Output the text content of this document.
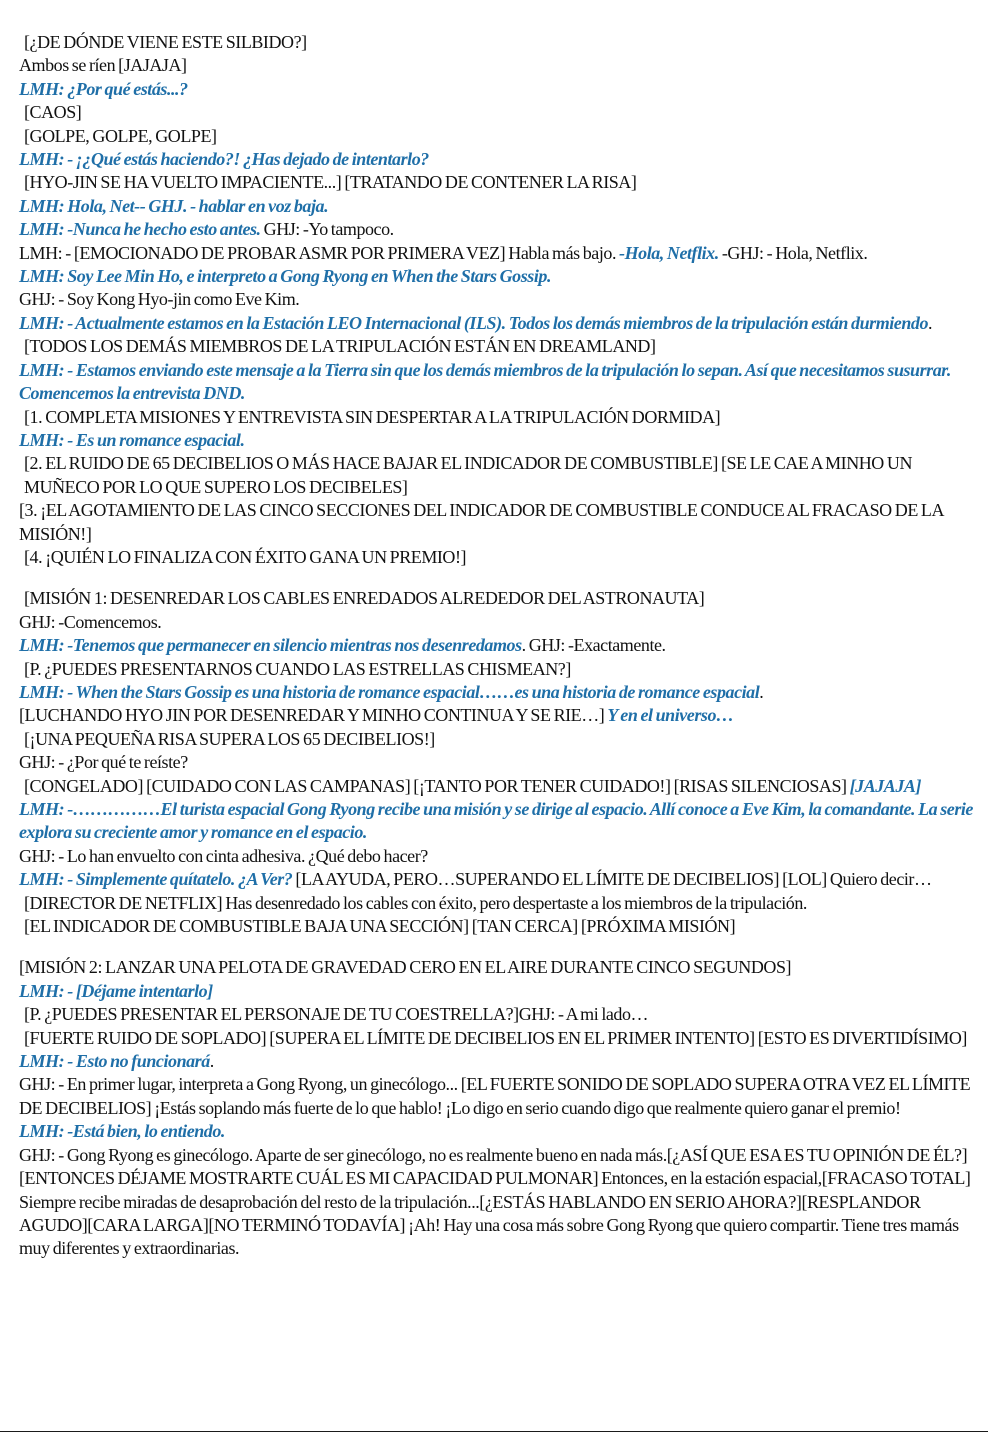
[¿DE DÓNDE VIENE ESTE SILBIDO?]

Ambos se ríen [JAJAJA]

LMH: ¿Por qué estás...?

[CAOS]

[GOLPE, GOLPE, GOLPE]

LMH: - ¡¿Qué estás haciendo?! ¿Has dejado de intentarlo?

[HYO-JIN SE HA VUELTO IMPACIENTE...] [TRATANDO DE CONTENER LA RISA]

LMH: Hola, Net-- GHJ. - hablar en voz baja.

LMH: -Nunca he hecho esto antes. GHJ: -Yo tampoco.

LMH: - [EMOCIONADO DE PROBAR ASMR POR PRIMERA VEZ] Habla más bajo. -Hola, Netflix. -GHJ: - Hola, Netflix.

LMH: Soy Lee Min Ho, e interpreto a Gong Ryong en When the Stars Gossip.

GHJ: - Soy Kong Hyo-jin como Eve Kim.

LMH: - Actualmente estamos en la Estación LEO Internacional (ILS). Todos los demás miembros de la tripulación están durmiendo.

[TODOS LOS DEMÁS MIEMBROS DE LA TRIPULACIÓN ESTÁN EN DREAMLAND]

LMH: - Estamos enviando este mensaje a la Tierra sin que los demás miembros de la tripulación lo sepan. Así que necesitamos susurrar. Comencemos la entrevista DND.

[1. COMPLETA MISIONES Y ENTREVISTA SIN DESPERTAR A LA TRIPULACIÓN DORMIDA]

LMH: - Es un romance espacial.

[2. EL RUIDO DE 65 DECIBELIOS O MÁS HACE BAJAR EL INDICADOR DE COMBUSTIBLE] [SE LE CAE A MINHO UN MUÑECO POR LO QUE SUPERO LOS DECIBELES]

[3. ¡EL AGOTAMIENTO DE LAS CINCO SECCIONES DEL INDICADOR DE COMBUSTIBLE CONDUCE AL FRACASO DE LA MISIÓN!]

[4. ¡QUIÉN LO FINALIZA CON ÉXITO GANA UN PREMIO!]

[MISIÓN 1: DESENREDAR LOS CABLES ENREDADOS ALREDEDOR DEL ASTRONAUTA]

GHJ: -Comencemos.

LMH: -Tenemos que permanecer en silencio mientras nos desenredamos. GHJ: -Exactamente.

[P. ¿PUEDES PRESENTARNOS CUANDO LAS ESTRELLAS CHISMEAN?]

LMH: - When the Stars Gossip es una historia de romance espacial……es una historia de romance espacial.

[LUCHANDO HYO JIN POR DESENREDAR Y MINHO CONTINUA Y SE RIE…] Y en el universo…

[¡UNA PEQUEÑA RISA SUPERA LOS 65 DECIBELIOS!]

GHJ: - ¿Por qué te reíste?

[CONGELADO] [CUIDADO CON LAS CAMPANAS] [¡TANTO POR TENER CUIDADO!] [RISAS SILENCIOSAS] [JAJAJA]

LMH: -……………El turista espacial Gong Ryong recibe una misión y se dirige al espacio. Allí conoce a Eve Kim, la comandante. La serie explora su creciente amor y romance en el espacio.

GHJ: - Lo han envuelto con cinta adhesiva. ¿Qué debo hacer?

LMH: - Simplemente quítatelo. ¿A Ver? [LA AYUDA, PERO…SUPERANDO EL LÍMITE DE DECIBELIOS] [LOL] Quiero decir…

[DIRECTOR DE NETFLIX] Has desenredado los cables con éxito, pero despertaste a los miembros de la tripulación.

[EL INDICADOR DE COMBUSTIBLE BAJA UNA SECCIÓN] [TAN CERCA] [PRÓXIMA MISIÓN]

[MISIÓN 2: LANZAR UNA PELOTA DE GRAVEDAD CERO EN EL AIRE DURANTE CINCO SEGUNDOS]

LMH: - [Déjame intentarlo]

[P. ¿PUEDES PRESENTAR EL PERSONAJE DE TU COESTRELLA?]GHJ: - A mi lado…

[FUERTE RUIDO DE SOPLADO] [SUPERA EL LÍMITE DE DECIBELIOS EN EL PRIMER INTENTO] [ESTO ES DIVERTIDÍSIMO]

LMH: - Esto no funcionará.

GHJ: - En primer lugar, interpreta a Gong Ryong, un ginecólogo... [EL FUERTE SONIDO DE SOPLADO SUPERA OTRA VEZ EL LÍMITE DE DECIBELIOS] ¡Estás soplando más fuerte de lo que hablo! ¡Lo digo en serio cuando digo que realmente quiero ganar el premio!

LMH: -Está bien, lo entiendo.

GHJ: - Gong Ryong es ginecólogo. Aparte de ser ginecólogo, no es realmente bueno en nada más.[¿ASÍ QUE ESA ES TU OPINIÓN DE ÉL?][ENTONCES DÉJAME MOSTRARTE CUÁL ES MI CAPACIDAD PULMONAR] Entonces, en la estación espacial,[FRACASO TOTAL] Siempre recibe miradas de desaprobación del resto de la tripulación...[¿ESTÁS HABLANDO EN SERIO AHORA?][RESPLANDOR AGUDO][CARA LARGA][NO TERMINÓ TODAVÍA] ¡Ah! Hay una cosa más sobre Gong Ryong que quiero compartir. Tiene tres mamás muy diferentes y extraordinarias.
